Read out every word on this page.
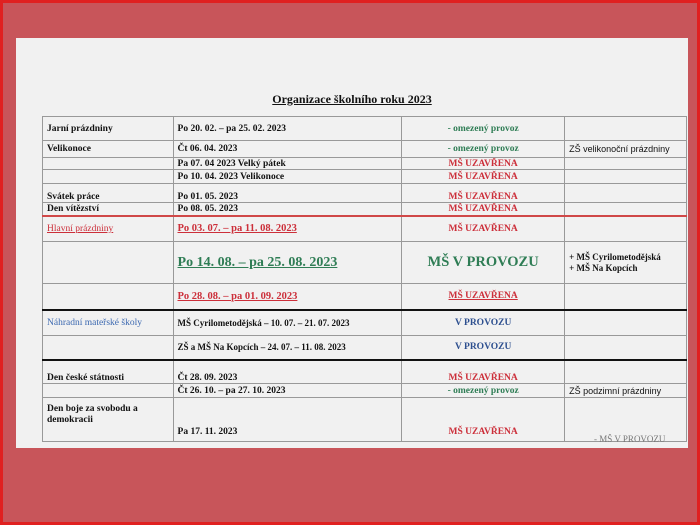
Organizace školního roku 2023
Jarní prázdniny	Po 20. 02. – pa 25. 02. 2023	- omezený provoz	
Velikonoce	Čt 06. 04. 2023	- omezený provoz	ZŠ velikonoční prázdniny
	Pa 07. 04 2023 Velký pátek	MŠ UZAVŘENA	
	Po 10. 04. 2023 Velikonoce	MŠ UZAVŘENA	
Svátek práce	Po 01. 05. 2023	MŠ UZAVŘENA	
Den vítězství	Po 08. 05. 2023	MŠ UZAVŘENA	
Hlavní prázdniny	Po 03. 07. – pa 11. 08. 2023	MŠ UZAVŘENA	
	Po 14. 08. – pa 25. 08. 2023	MŠ V PROVOZU	+ MŠ Cyrilometodějská
+ MŠ Na Kopcích
	Po 28. 08. – pa 01. 09. 2023	MŠ UZAVŘENA	
Náhradní mateřské školy	MŠ Cyrilometodějská – 10. 07. – 21. 07. 2023	V PROVOZU	
	ZŠ a MŠ Na Kopcích – 24. 07. – 11. 08. 2023	V PROVOZU	
Den české státnosti	Čt 28. 09. 2023	MŠ UZAVŘENA	
	Čt 26. 10. – pa 27. 10. 2023	- omezený provoz	ZŠ podzimní prázdniny
Den boje za svobodu a demokracii	Pa 17. 11. 2023	MŠ UZAVŘENA	
- MŠ V PROVOZU
